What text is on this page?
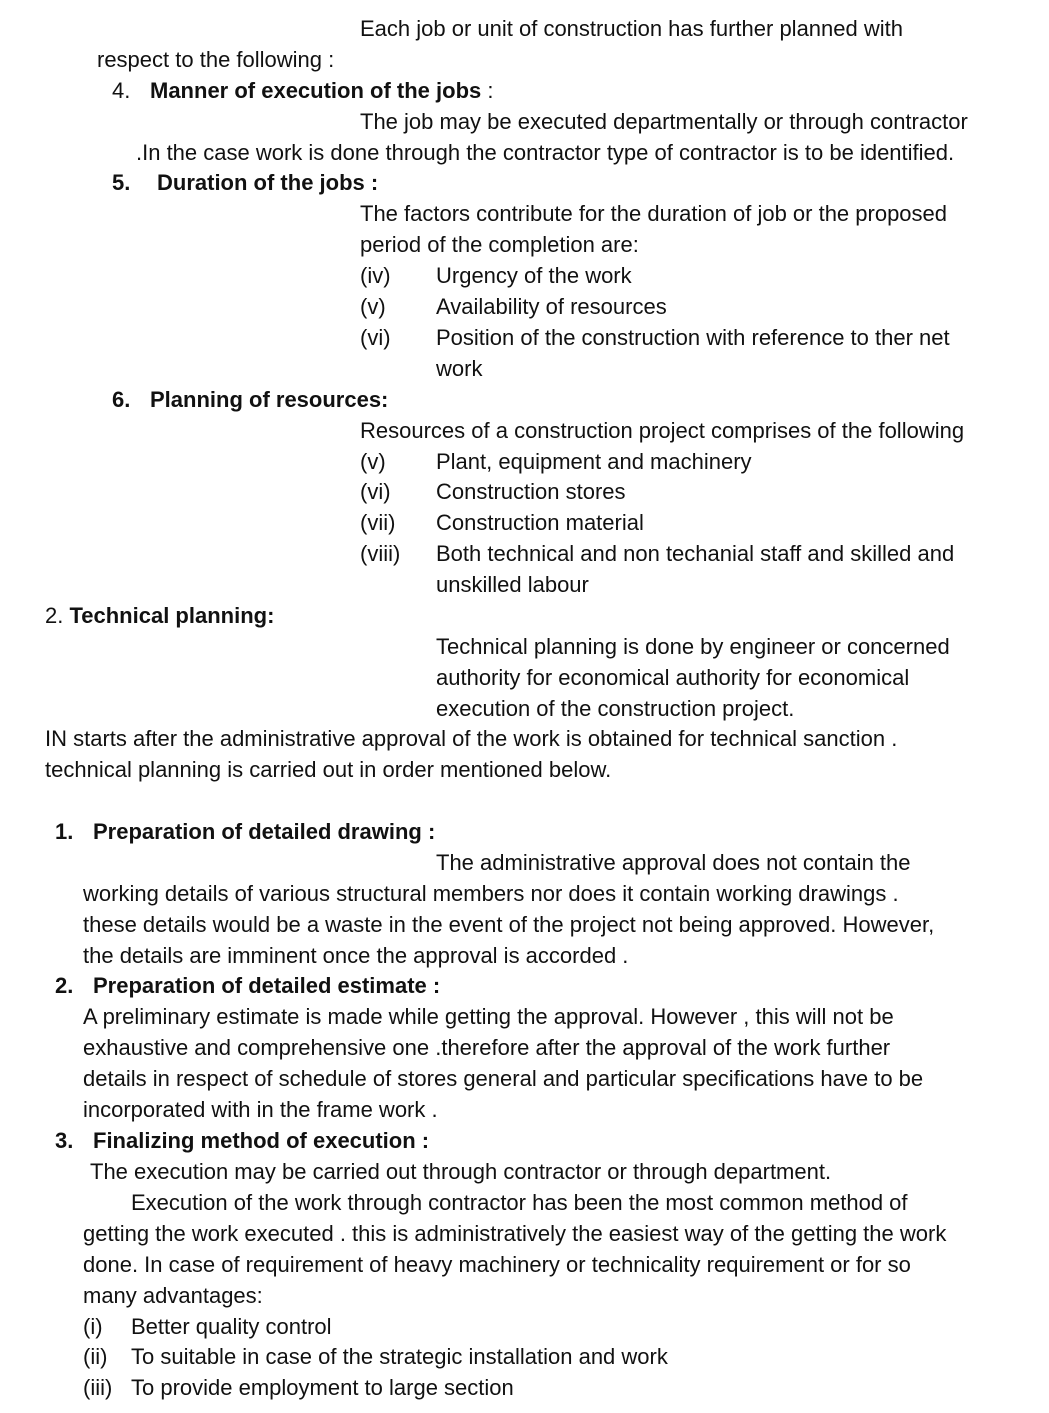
Each job or unit of construction has further planned with
respect to the following :
4. Manner of execution of the jobs :
The job may be executed departmentally or through contractor
.In the case work is done through the contractor type of contractor is to be identified.
5. Duration of the jobs :
The factors contribute for the duration of job or the proposed
period of the completion are:
(iv) Urgency of the work
(v) Availability of resources
(vi) Position of the construction with reference to ther net
work
6. Planning of resources:
Resources of a construction project comprises of the following
(v) Plant, equipment and machinery
(vi) Construction stores
(vii) Construction material
(viii) Both technical and non techanial staff and skilled and
unskilled labour
2. Technical planning:
Technical planning is done by engineer or concerned
authority for economical authority for economical
execution of the construction project.
IN starts after the administrative approval of the work is obtained for technical sanction .
technical planning is carried out in order mentioned below.
1. Preparation of detailed drawing :
The administrative approval does not contain the
working details of various structural members nor does it contain working drawings .
these details would be a waste in the event of the project not being approved. However,
the details are imminent once the approval is accorded .
2. Preparation of detailed estimate :
A preliminary estimate is made while getting the approval. However , this will not be
exhaustive and comprehensive one .therefore after the approval of the work further
details in respect of schedule of stores general and particular specifications have to be
incorporated with in the frame work .
3. Finalizing method of execution :
The execution may be carried out through contractor or through department.
Execution of the work through contractor has been the most common method of
getting the work executed . this is administratively the easiest way of the getting the work
done. In case of requirement of heavy machinery or technicality requirement or for so
many advantages:
(i) Better quality control
(ii) To suitable in case of the strategic installation and work
(iii) To provide employment to large section
